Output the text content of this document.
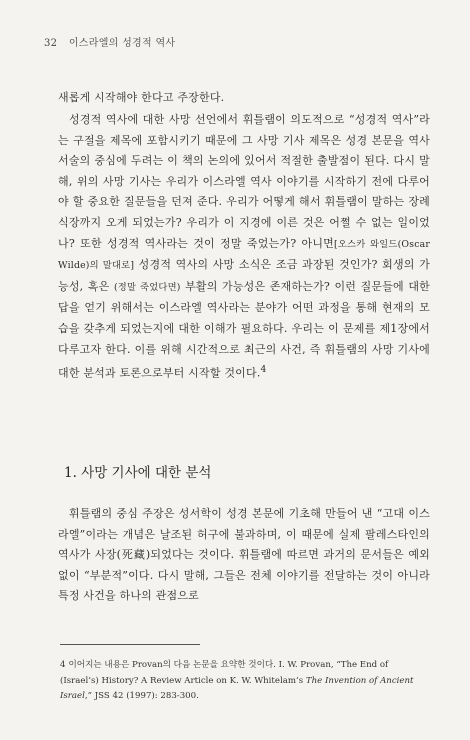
32 이스라엘의 성경적 역사

새롭게 시작해야 한다고 주장한다.

성경적 역사에 대한 사망 선언에서 휘틀램이 의도적으로 “성경적 역사”라는 구절을 제목에 포함시키기 때문에 그 사망 기사 제목은 성경 본문을 역사 서술의 중심에 두려는 이 책의 논의에 있어서 적절한 출발점이 된다. 다시 말해, 위의 사망 기사는 우리가 이스라엘 역사 이야기를 시작하기 전에 다루어야 할 중요한 질문들을 던져 준다. 우리가 어떻게 해서 휘틀램이 말하는 장례식장까지 오게 되었는가? 우리가 이 지경에 이른 것은 어쩔 수 없는 일이었나? 또한 성경적 역사라는 것이 정말 죽었는가? 아니면[오스카 와일드(Oscar Wilde)의 말대로] 성경적 역사의 사망 소식은 조금 과장된 것인가? 회생의 가능성, 혹은 (정말 죽었다면) 부활의 가능성은 존재하는가? 이런 질문들에 대한 답을 얻기 위해서는 이스라엘 역사라는 분야가 어떤 과정을 통해 현재의 모습을 갖추게 되었는지에 대한 이해가 필요하다. 우리는 이 문제를 제1장에서 다루고자 한다. 이를 위해 시간적으로 최근의 사건, 즉 휘틀램의 사망 기사에 대한 분석과 토론으로부터 시작할 것이다.$^4$

1. 사망 기사에 대한 분석

휘틀램의 중심 주장은 성서학이 성경 본문에 기초해 만들어 낸 “고대 이스라엘”이라는 개념은 날조된 허구에 불과하며, 이 때문에 실제 팔레스타인의 역사가 사장(死藏)되었다는 것이다. 휘틀램에 따르면 과거의 문서들은 예외 없이 “부분적”이다. 다시 말해, 그들은 전체 이야기를 전달하는 것이 아니라 특정 사건을 하나의 관점으로

4 이어지는 내용은 Provan의 다음 논문을 요약한 것이다. I. W. Provan, “The End of (Israel’s) History? A Review Article on K. W. Whitelam’s The Invention of Ancient Israel,” JSS 42 (1997): 283-300.
